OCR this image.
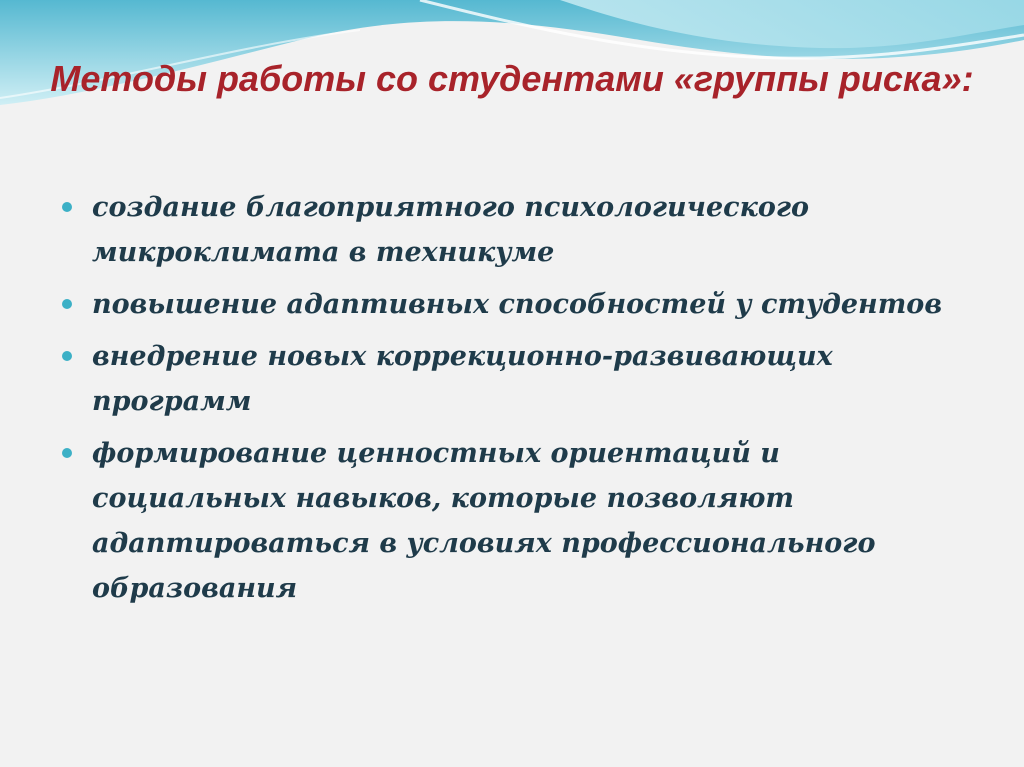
Методы работы со студентами «группы риска»:
создание благоприятного психологического микроклимата в техникуме
повышение адаптивных способностей у студентов
внедрение новых коррекционно-развивающих программ
формирование ценностных ориентаций и социальных навыков, которые позволяют адаптироваться в условиях профессионального образования
